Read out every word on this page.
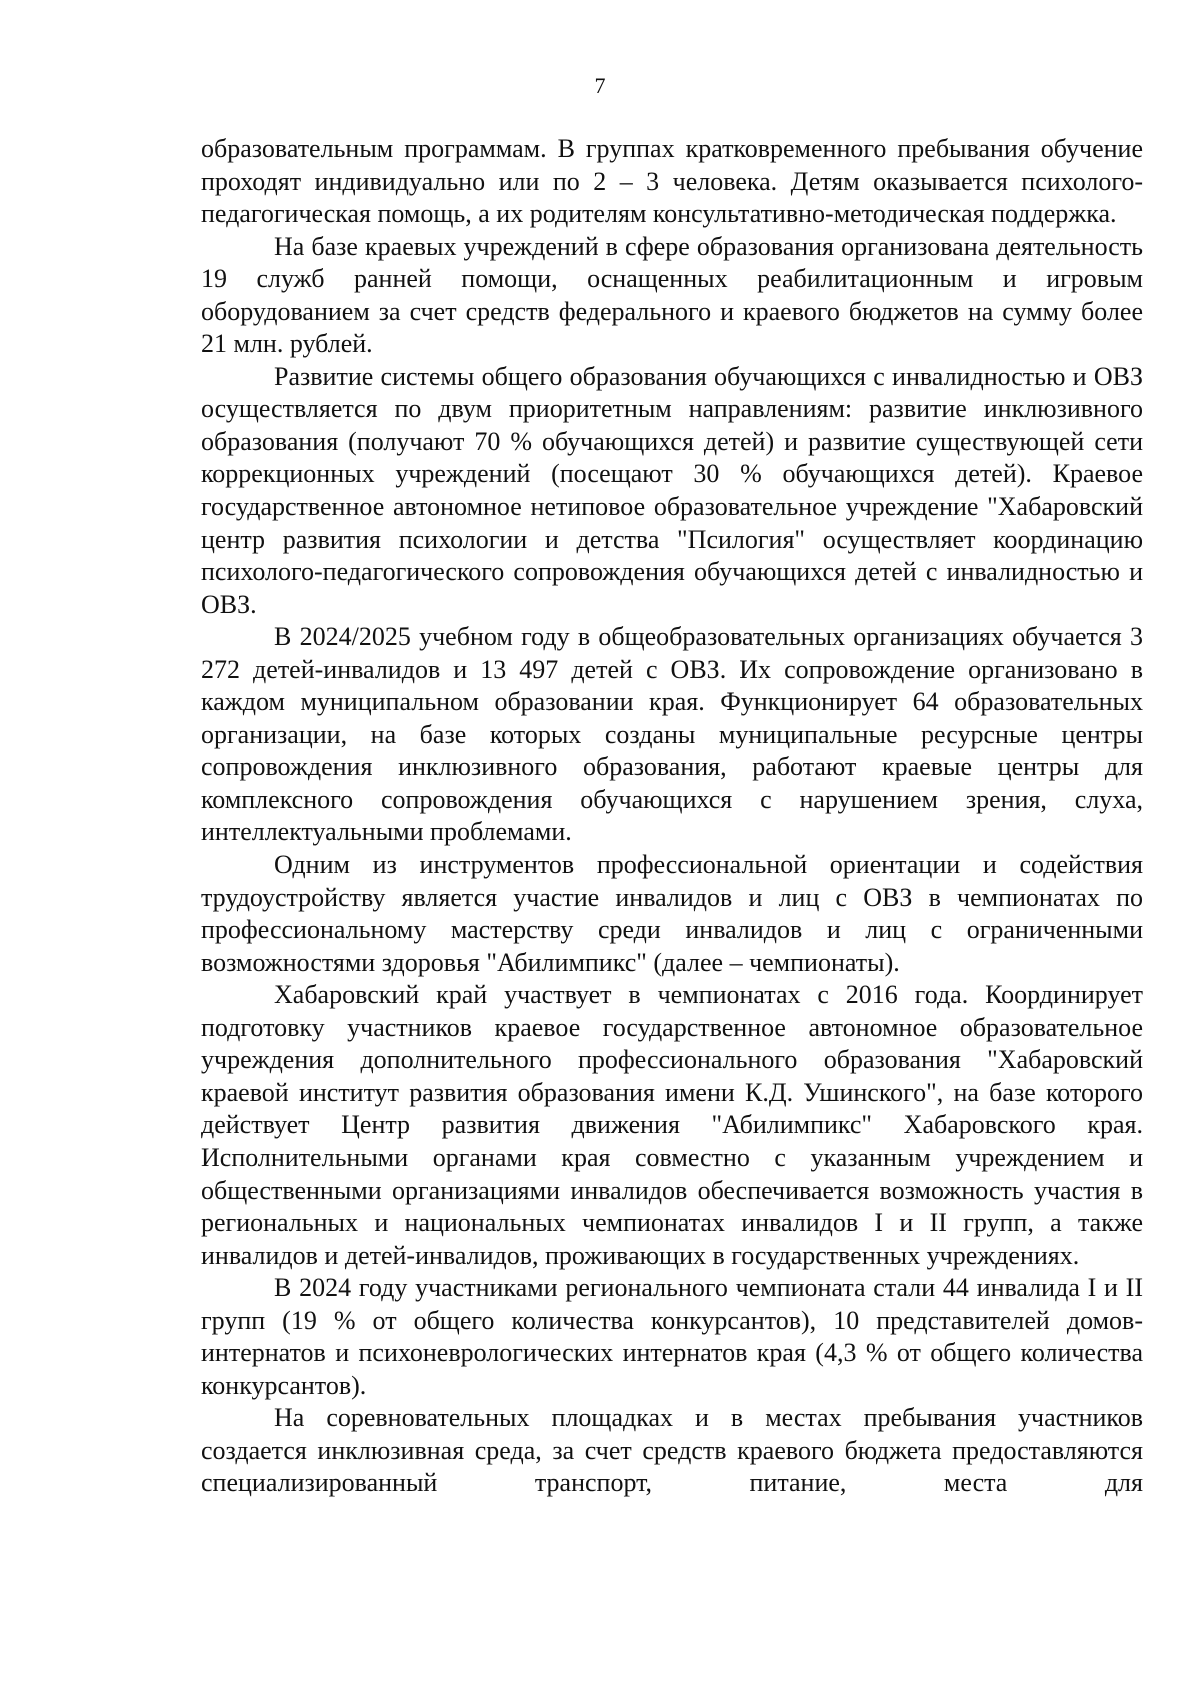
7

образовательным программам. В группах кратковременного пребывания обучение проходят индивидуально или по 2 – 3 человека. Детям оказывается психолого-педагогическая помощь, а их родителям консультативно-методическая поддержка.

На базе краевых учреждений в сфере образования организована деятельность 19 служб ранней помощи, оснащенных реабилитационным и игровым оборудованием за счет средств федерального и краевого бюджетов на сумму более 21 млн. рублей.

Развитие системы общего образования обучающихся с инвалидностью и ОВЗ осуществляется по двум приоритетным направлениям: развитие инклюзивного образования (получают 70 % обучающихся детей) и развитие существующей сети коррекционных учреждений (посещают 30 % обучающихся детей). Краевое государственное автономное нетиповое образовательное учреждение "Хабаровский центр развития психологии и детства "Псилогия" осуществляет координацию психолого-педагогического сопровождения обучающихся детей с инвалидностью и ОВЗ.

В 2024/2025 учебном году в общеобразовательных организациях обучается 3 272 детей-инвалидов и 13 497 детей с ОВЗ. Их сопровождение организовано в каждом муниципальном образовании края. Функционирует 64 образовательных организации, на базе которых созданы муниципальные ресурсные центры сопровождения инклюзивного образования, работают краевые центры для комплексного сопровождения обучающихся с нарушением зрения, слуха, интеллектуальными проблемами.

Одним из инструментов профессиональной ориентации и содействия трудоустройству является участие инвалидов и лиц с ОВЗ в чемпионатах по профессиональному мастерству среди инвалидов и лиц с ограниченными возможностями здоровья "Абилимпикс" (далее – чемпионаты).

Хабаровский край участвует в чемпионатах с 2016 года. Координирует подготовку участников краевое государственное автономное образовательное учреждения дополнительного профессионального образования "Хабаровский краевой институт развития образования имени К.Д. Ушинского", на базе которого действует Центр развития движения "Абилимпикс" Хабаровского края. Исполнительными органами края совместно с указанным учреждением и общественными организациями инвалидов обеспечивается возможность участия в региональных и национальных чемпионатах инвалидов I и II групп, а также инвалидов и детей-инвалидов, проживающих в государственных учреждениях.

В 2024 году участниками регионального чемпионата стали 44 инвалида I и II групп (19 % от общего количества конкурсантов), 10 представителей домов-интернатов и психоневрологических интернатов края (4,3 % от общего количества конкурсантов).

На соревновательных площадках и в местах пребывания участников создается инклюзивная среда, за счет средств краевого бюджета предоставляются специализированный транспорт, питание, места для
